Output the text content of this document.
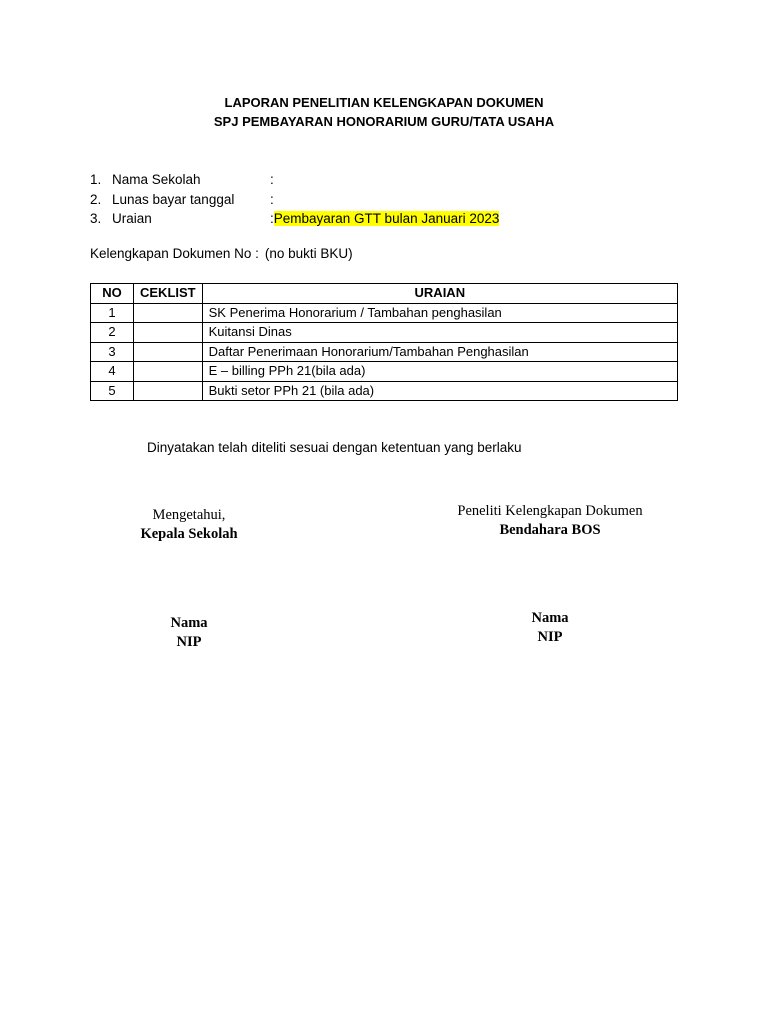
LAPORAN PENELITIAN KELENGKAPAN DOKUMEN
SPJ PEMBAYARAN HONORARIUM GURU/TATA USAHA
1. Nama Sekolah	:
2. Lunas bayar tanggal	:
3. Uraian	:Pembayaran GTT bulan Januari 2023
Kelengkapan Dokumen No : (no bukti BKU)
NO	CEKLIST	URAIAN
1		SK Penerima Honorarium / Tambahan penghasilan
2		Kuitansi Dinas
3		Daftar Penerimaan Honorarium/Tambahan Penghasilan
4		E – billing PPh 21(bila ada)
5		Bukti setor PPh 21 (bila ada)
Dinyatakan telah diteliti sesuai dengan ketentuan yang berlaku
Mengetahui,
Kepala Sekolah
Peneliti Kelengkapan Dokumen
Bendahara BOS
Nama
NIP
Nama
NIP
